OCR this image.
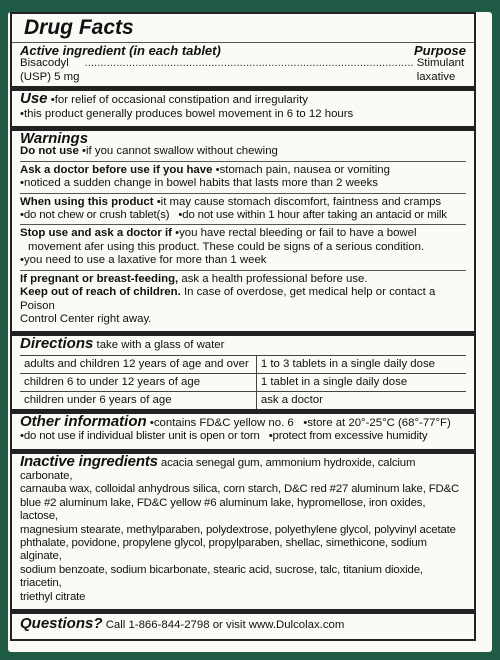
Drug Facts
Active ingredient (in each tablet)	Purpose
Bisacodyl (USP) 5 mg
........................................................................................................ Stimulant laxative
Use •for relief of occasional constipation and irregularity
•this product generally produces bowel movement in 6 to 12 hours
Warnings
Do not use •if you cannot swallow without chewing
Ask a doctor before use if you have •stomach pain, nausea or vomiting
•noticed a sudden change in bowel habits that lasts more than 2 weeks
When using this product •it may cause stomach discomfort, faintness and cramps
•do not chew or crush tablet(s)   •do not use within 1 hour after taking an antacid or milk
Stop use and ask a doctor if •you have rectal bleeding or fail to have a bowel
movement afer using this product. These could be signs of a serious condition.
•you need to use a laxative for more than 1 week
If pregnant or breast-feeding, ask a health professional before use.
Keep out of reach of children. In case of overdose, get medical help or contact a Poison
Control Center right away.
Directions take with a glass of water
adults and children 12 years of age and over	1 to 3 tablets in a single daily dose
children 6 to under 12 years of age	1 tablet in a single daily dose
children under 6 years of age	ask a doctor
Other information •contains FD&C yellow no. 6   •store at 20°-25°C (68°-77°F)
•do not use if individual blister unit is open or torn   •protect from excessive humidity
Inactive ingredients acacia senegal gum, ammonium hydroxide, calcium carbonate,
carnauba wax, colloidal anhydrous silica, corn starch, D&C red #27 aluminum lake, FD&C
blue #2 aluminum lake, FD&C yellow #6 aluminum lake, hypromellose, iron oxides, lactose,
magnesium stearate, methylparaben, polydextrose, polyethylene glycol, polyvinyl acetate
phthalate, povidone, propylene glycol, propylparaben, shellac, simethicone, sodium alginate,
sodium benzoate, sodium bicarbonate, stearic acid, sucrose, talc, titanium dioxide, triacetin,
triethyl citrate
Questions? Call 1-866-844-2798 or visit www.Dulcolax.com
